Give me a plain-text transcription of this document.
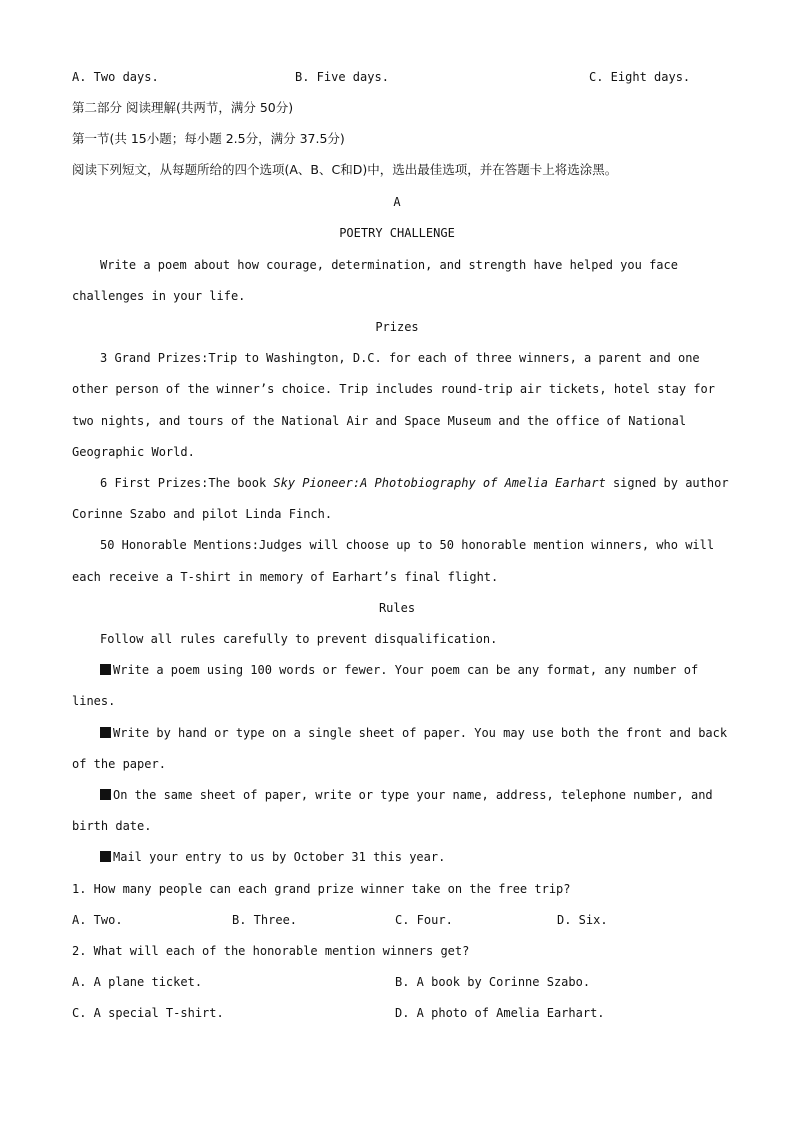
A. Two days.	B. Five days.	C. Eight days.
第二部分 阅读理解(共两节，满分 50分)
第一节(共 15小题；每小题 2.5分，满分 37.5分)
阅读下列短文，从每题所给的四个选项(A、B、C和D)中，选出最佳选项，并在答题卡上将选涂黑。
A
POETRY CHALLENGE
Write a poem about how courage, determination, and strength have helped you face
challenges in your life.
Prizes
3 Grand Prizes:Trip to Washington, D.C. for each of three winners, a parent and one
other person of the winner’s choice. Trip includes round-trip air tickets, hotel stay for
two nights, and tours of the National Air and Space Museum and the office of National
Geographic World.
6 First Prizes:The book Sky Pioneer:A Photobiography of Amelia Earhart signed by author
Corinne Szabo and pilot Linda Finch.
50 Honorable Mentions:Judges will choose up to 50 honorable mention winners, who will
each receive a T-shirt in memory of Earhart’s final flight.
Rules
Follow all rules carefully to prevent disqualification.
Write a poem using 100 words or fewer. Your poem can be any format, any number of
lines.
Write by hand or type on a single sheet of paper. You may use both the front and back
of the paper.
On the same sheet of paper, write or type your name, address, telephone number, and
birth date.
Mail your entry to us by October 31 this year.
1. How many people can each grand prize winner take on the free trip?
A. Two.	B. Three.	C. Four.	D. Six.
2. What will each of the honorable mention winners get?
A. A plane ticket.	B. A book by Corinne Szabo.
C. A special T-shirt.	D. A photo of Amelia Earhart.
